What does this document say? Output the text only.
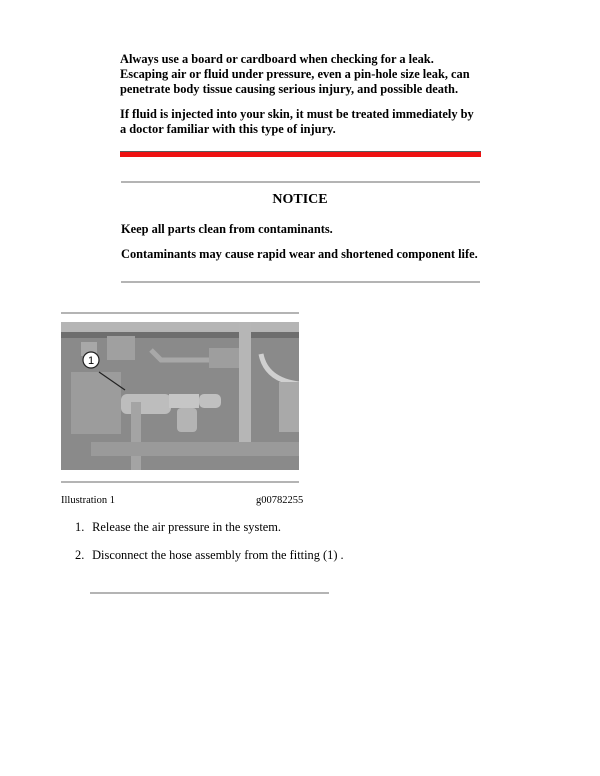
Always use a board or cardboard when checking for a leak. Escaping air or fluid under pressure, even a pin-hole size leak, can penetrate body tissue causing serious injury, and possible death.

If fluid is injected into your skin, it must be treated immediately by a doctor familiar with this type of injury.

NOTICE
Keep all parts clean from contaminants.
Contaminants may cause rapid wear and shortened component life.
1
Illustration 1	g00782255
1. Release the air pressure in the system.
2. Disconnect the hose assembly from the fitting (1) .
